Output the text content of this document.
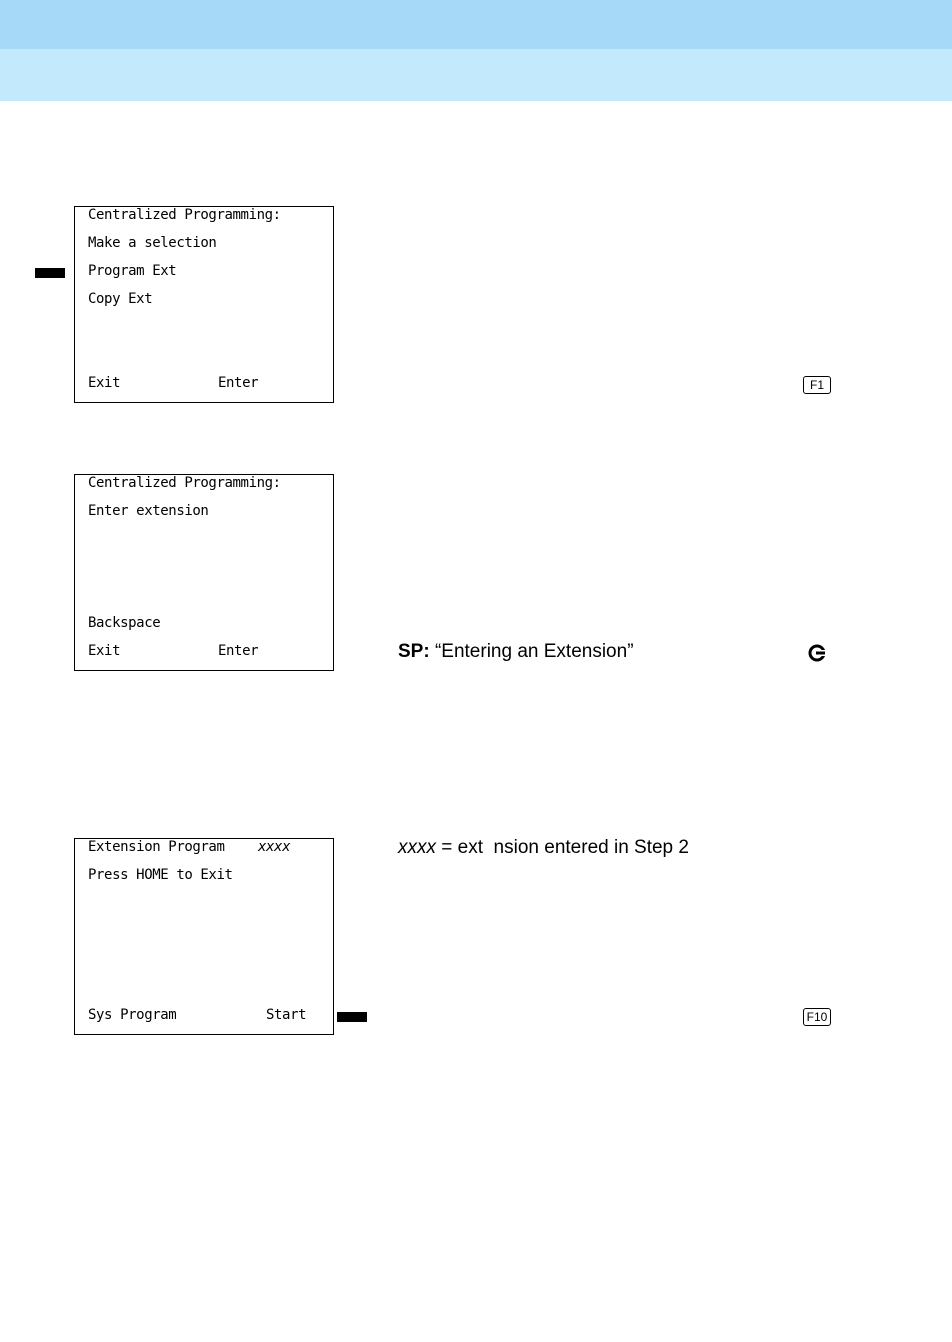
Centralized Programming:
Make a selection
Program Ext
Copy Ext
Exit	Enter	F1
Centralized Programming:
Enter extension
Backspace
Exit	Enter	SP: “Entering an Extension”
Extension Program xxxx
Press HOME to Exit
Sys Program	Start
xxxx = ext  nsion entered in Step 2
F10
